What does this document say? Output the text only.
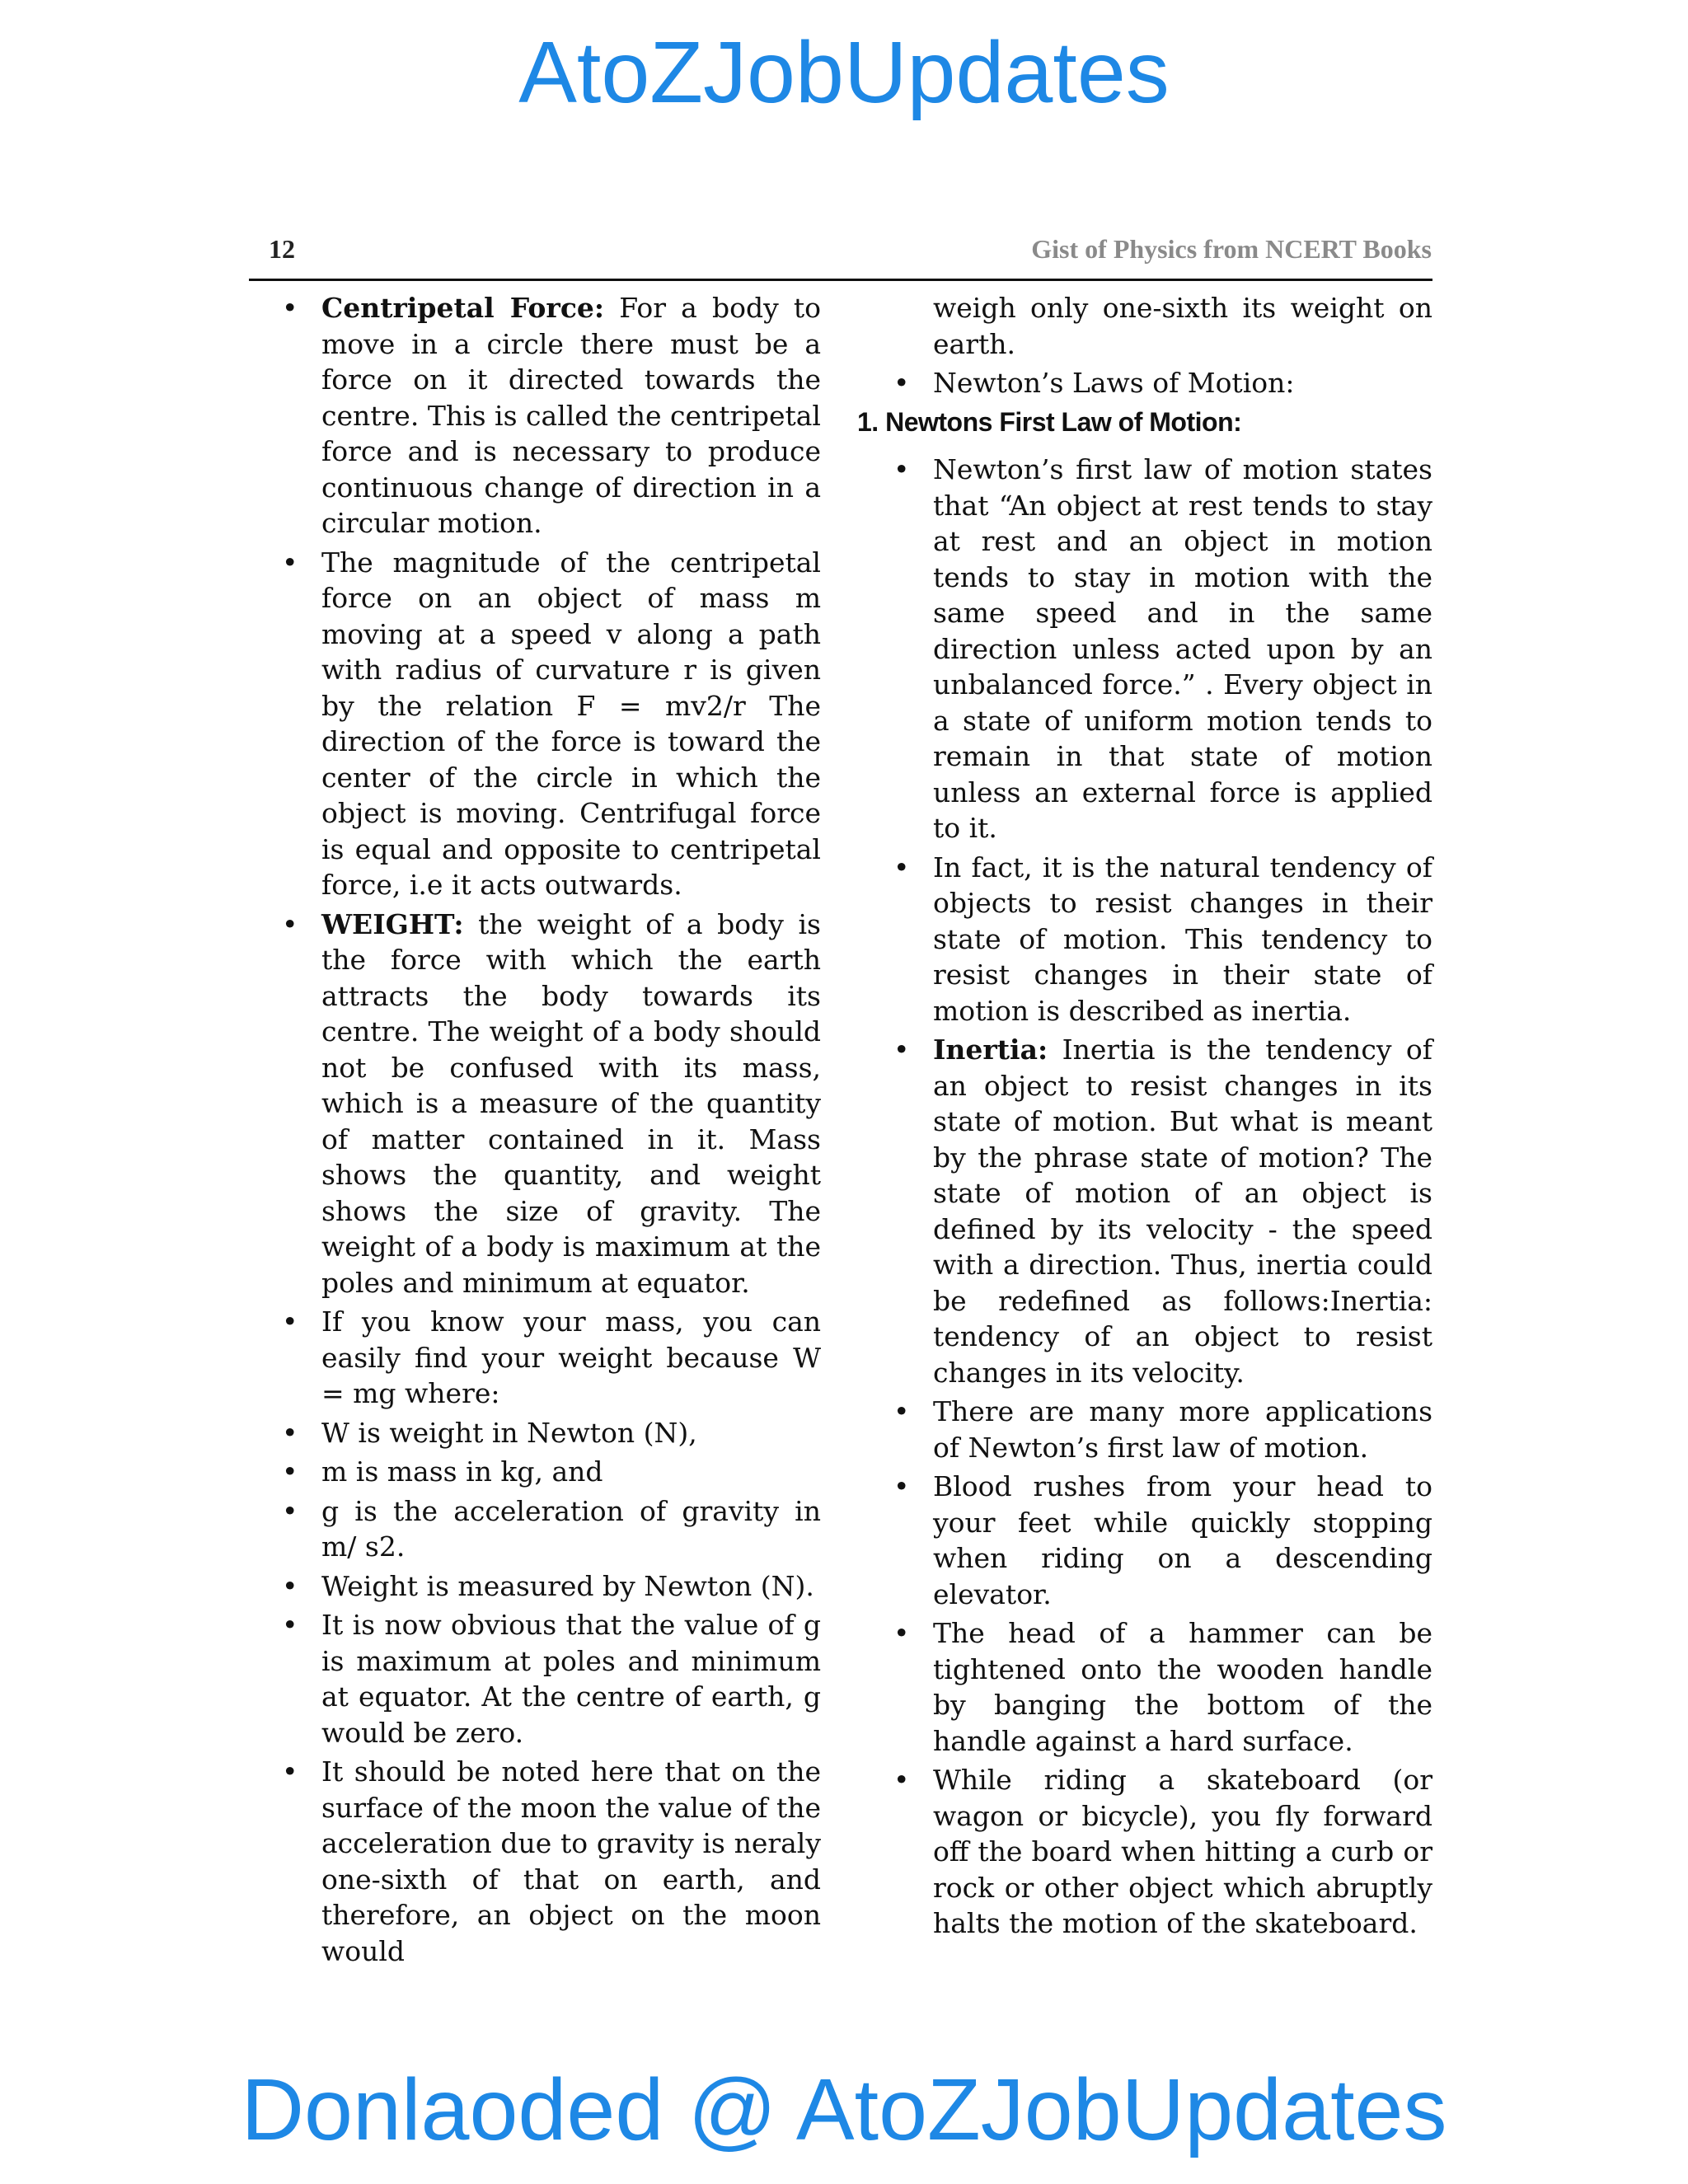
AtoZJobUpdates
12	Gist of Physics from NCERT Books
• Centripetal Force: For a body to move in a circle there must be a force on it directed towards the centre. This is called the centripetal force and is necessary to produce continuous change of direction in a circular motion.
• The magnitude of the centripetal force on an object of mass m moving at a speed v along a path with radius of curvature r is given by the relation F = mv2/r The direction of the force is toward the center of the circle in which the object is moving. Centrifugal force is equal and opposite to centripetal force, i.e it acts outwards.
• WEIGHT: the weight of a body is the force with which the earth attracts the body towards its centre. The weight of a body should not be confused with its mass, which is a measure of the quantity of matter contained in it. Mass shows the quantity, and weight shows the size of gravity. The weight of a body is maximum at the poles and minimum at equator.
• If you know your mass, you can easily find your weight because W = mg where:
• W is weight in Newton (N),
• m is mass in kg, and
• g is the acceleration of gravity in m/ s2.
• Weight is measured by Newton (N).
• It is now obvious that the value of g is maximum at poles and minimum at equator. At the centre of earth, g would be zero.
• It should be noted here that on the surface of the moon the value of the acceleration due to gravity is neraly one-sixth of that on earth, and therefore, an object on the moon would
weigh only one-sixth its weight on earth.
• Newton’s Laws of Motion:
1. Newtons First Law of Motion:
• Newton’s first law of motion states that “An object at rest tends to stay at rest and an object in motion tends to stay in motion with the same speed and in the same direction unless acted upon by an unbalanced force.” . Every object in a state of uniform motion tends to remain in that state of motion unless an external force is applied to it.
• In fact, it is the natural tendency of objects to resist changes in their state of motion. This tendency to resist changes in their state of motion is described as inertia.
• Inertia: Inertia is the tendency of an object to resist changes in its state of motion. But what is meant by the phrase state of motion? The state of motion of an object is defined by its velocity - the speed with a direction. Thus, inertia could be redefined as follows:Inertia: tendency of an object to resist changes in its velocity.
• There are many more applications of Newton’s first law of motion.
• Blood rushes from your head to your feet while quickly stopping when riding on a descending elevator.
• The head of a hammer can be tightened onto the wooden handle by banging the bottom of the handle against a hard surface.
• While riding a skateboard (or wagon or bicycle), you fly forward off the board when hitting a curb or rock or other object which abruptly halts the motion of the skateboard.
Donlaoded @ AtoZJobUpdates
